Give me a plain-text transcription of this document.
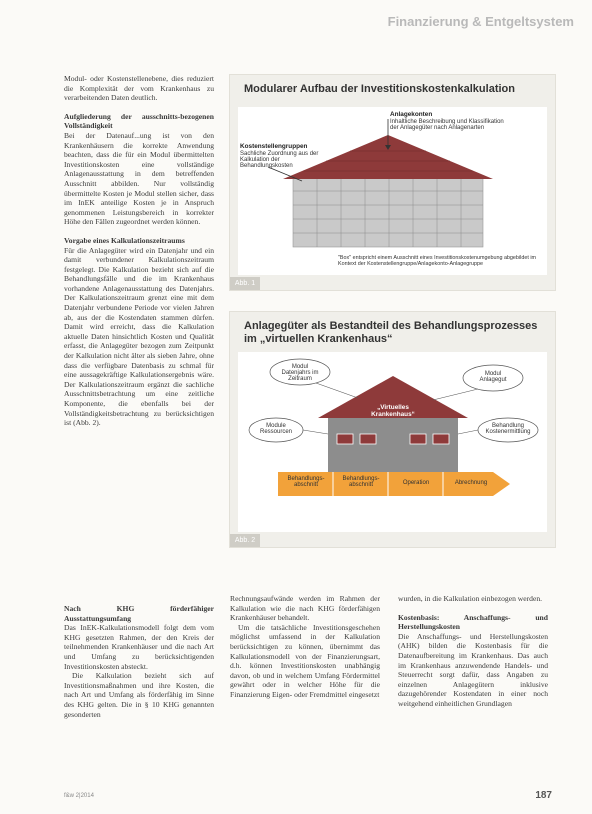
Finanzierung & Entgeltsystem

Modul- oder Kostenstellenebene, dies reduziert die Komplexität der vom Krankenhaus zu verarbeitenden Daten deutlich.

Aufgliederung der ausschnitts-bezogenen Vollständigkeit

Bei der Datenauf...ung ist von den Krankenhäusern die korrekte Anwendung beachten, dass die für ein Modul übermittelten Investitionskosten eine vollständige Anlagenausstattung in dem betreffenden Ausschnitt abbilden. Nur vollständig übermittelte Kosten je Modul stellen sicher, dass im InEK anteilige Kosten je in Anspruch genommenen Leistungsbereich in korrekter Höhe den Fällen zugeordnet werden können.

Vorgabe eines Kalkulationszeitraums

Für die Anlagegüter wird ein Datenjahr und ein damit verbundener Kalkulationszeitraum festgelegt. Die Kalkulation bezieht sich auf die Behandlungsfälle und die im Krankenhaus vorhandene Anlagenausstattung des Datenjahrs. Der Kalkulationszeitraum grenzt eine mit dem Datenjahr verbundene Periode vor vielen Jahren ab, aus der die Kostendaten stammen dürfen. Damit wird erreicht, dass die Kalkulation aktuelle Daten hinsichtlich Kosten und Qualität erfasst, die Anlagegüter bezogen zum Zeitpunkt der Kalkulation nicht älter als sieben Jahre, ohne dass die verfügbare Datenbasis zu schmal für eine aussagekräftige Kalkulationsergebnis wäre. Der Kalkulationszeitraum ergänzt die sachliche Ausschnittsbetrachtung um eine zeitliche Komponente, die ebenfalls bei der Vollständigkeitsbetrachtung zu berücksichtigen ist (Abb. 2).

Modularer Aufbau der Investitionskostenkalkulation
Anlagekonten
Inhaltliche Beschreibung und Klassifikation der Anlagegüter nach Anlagenarten
Kostenstellengruppen
Sachliche Zuordnung aus der Kalkulation der Behandlungskosten
"Box" entspricht einem Ausschnitt eines Investitionskostenumgebung abgebildet im Kontext der Kostenstellengruppe/Anlagekonto-Anlagegruppe
Abb. 1
Anlagegüter als Bestandteil des Behandlungsprozesses
im „virtuellen Krankenhaus“
Modul Datenjahrs im Zeitraum
Modul Anlagegut
Module Ressourcen
Behandlung Kostenermittlung
„Virtuelles Krankenhaus“
Behandlungs-abschnitt
Behandlungs-abschnitt	Operation	Abrechnung
Abb. 2

Nach KHG förderfähiger Ausstattungsumfang

Das InEK-Kalkulationsmodell folgt dem vom KHG gesetzten Rahmen, der den Kreis der teilnehmenden Krankenhäuser und die nach Art und Umfang zu berücksichtigenden Investitionskosten absteckt.

Die Kalkulation bezieht sich auf Investitionsmaßnahmen und ihre Kosten, die nach Art und Umfang als förderfähig im Sinne des KHG gelten. Die in § 10 KHG genannten gesonderten

Rechnungsaufwände werden im Rahmen der Kalkulation wie die nach KHG förderfähigen Krankenhäuser behandelt.

Um die tatsächliche Investitionsgeschehen möglichst umfassend in der Kalkulation berücksichtigen zu können, übernimmt das Kalkulationsmodell von der Finanzierungsart, d.h. können Investitionskosten unabhängig davon, ob und in welchem Umfang Fördermittel gewährt oder in welcher Höhe für die Finanzierung Eigen- oder Fremdmittel eingesetzt

wurden, in die Kalkulation einbezogen werden.

Kostenbasis: Anschaffungs- und Herstellungskosten

Die Anschaffungs- und Herstellungskosten (AHK) bilden die Kostenbasis für die Datenaufbereitung im Krankenhaus. Das auch im Krankenhaus anzuwendende Handels- und Steuerrecht sorgt dafür, dass Angaben zu einzelnen Anlagegütern inklusive dazugehörender Kostendaten in einer noch weitgehend einheitlichen Grundlagen

f&w 2|2014	187
